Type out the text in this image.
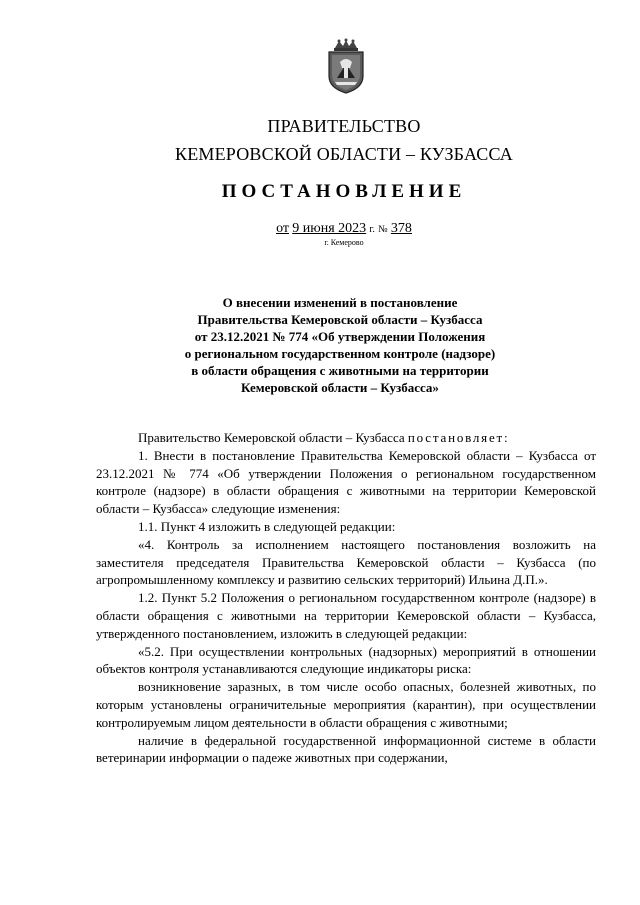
ПРАВИТЕЛЬСТВО
КЕМЕРОВСКОЙ ОБЛАСТИ – КУЗБАССА
ПОСТАНОВЛЕНИЕ
от 9 июня 2023 г. № 378
г. Кемерово
О внесении изменений в постановление
Правительства Кемеровской области – Кузбасса
от 23.12.2021 № 774 «Об утверждении Положения
о региональном государственном контроле (надзоре)
в области обращения с животными на территории
Кемеровской области – Кузбасса»

Правительство Кемеровской области – Кузбасса постановляет:

1. Внести в постановление Правительства Кемеровской области – Кузбасса от 23.12.2021 № 774 «Об утверждении Положения о региональном государственном контроле (надзоре) в области обращения с животными на территории Кемеровской области – Кузбасса» следующие изменения:

1.1. Пункт 4 изложить в следующей редакции:

«4. Контроль за исполнением настоящего постановления возложить на заместителя председателя Правительства Кемеровской области – Кузбасса (по агропромышленному комплексу и развитию сельских территорий) Ильина Д.П.».

1.2. Пункт 5.2 Положения о региональном государственном контроле (надзоре) в области обращения с животными на территории Кемеровской области – Кузбасса, утвержденного постановлением, изложить в следующей редакции:

«5.2. При осуществлении контрольных (надзорных) мероприятий в отношении объектов контроля устанавливаются следующие индикаторы риска:

возникновение заразных, в том числе особо опасных, болезней животных, по которым установлены ограничительные мероприятия (карантин), при осуществлении контролируемым лицом деятельности в области обращения с животными;

наличие в федеральной государственной информационной системе в области ветеринарии информации о падеже животных при содержании,
